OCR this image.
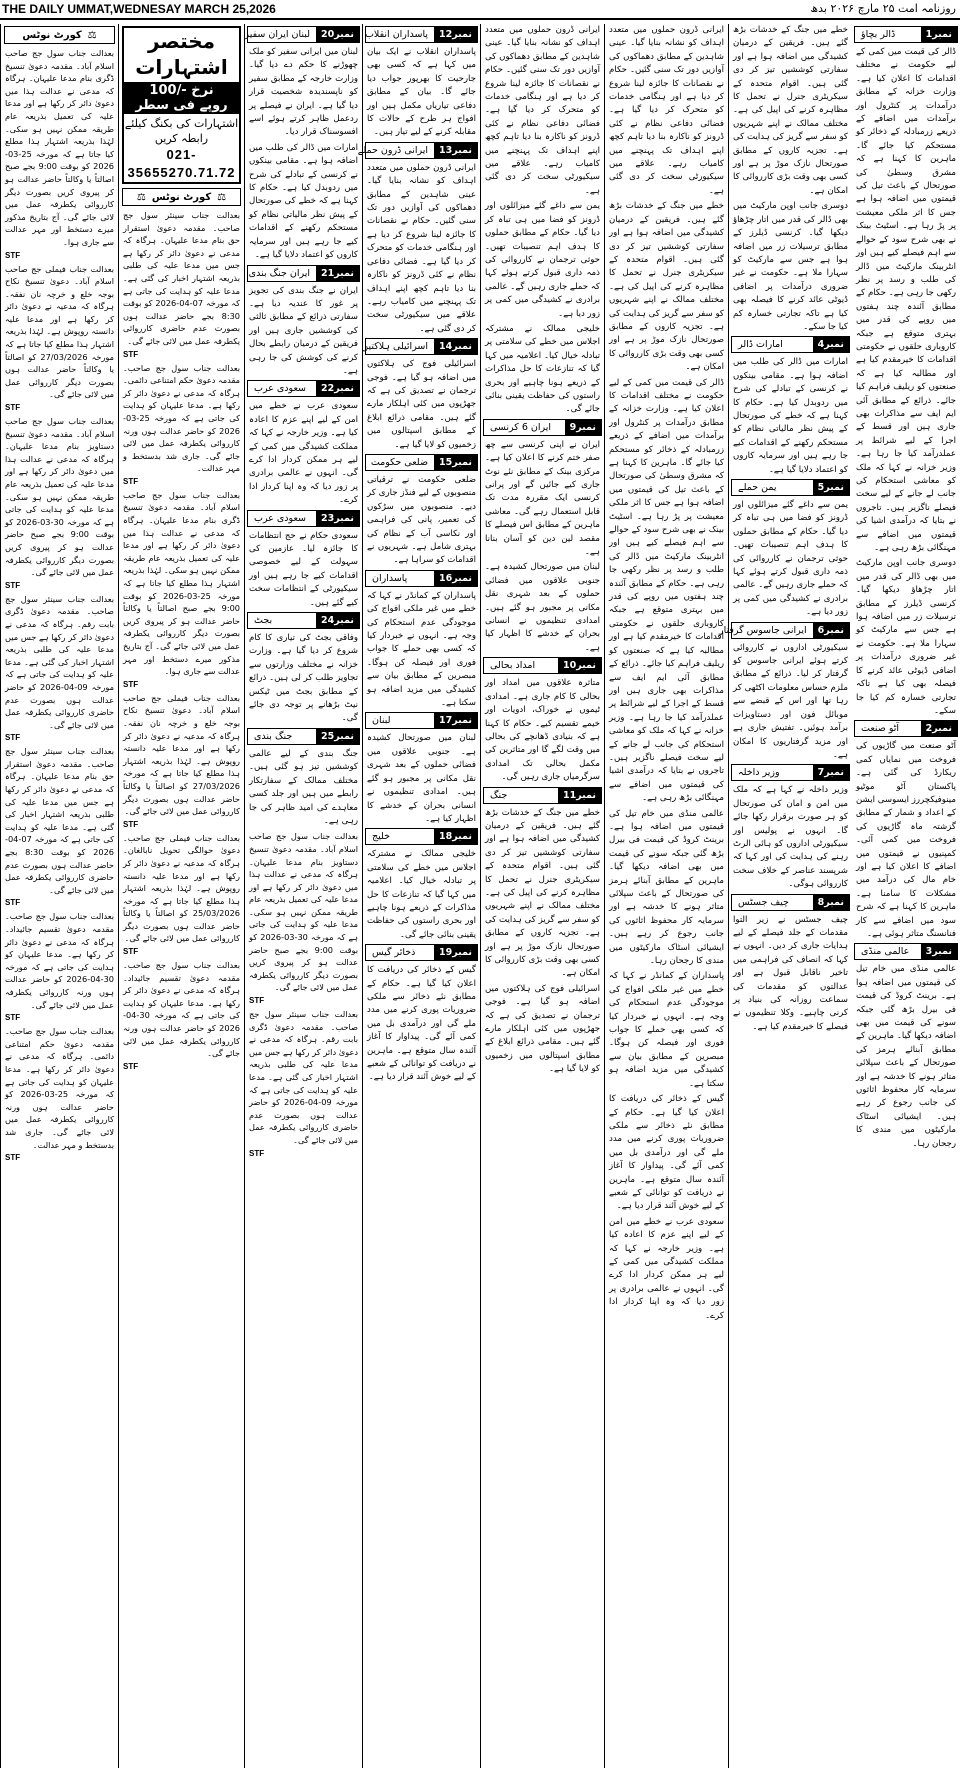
THE DAILY UMMAT,WEDNESAY MARCH 25,2026	روزنامہ امت ۲۵ مارچ ۲۰۲۶ بدھ
نمبر1
ڈالر بچاؤ

ڈالر کی قیمت میں کمی کے لیے حکومت نے مختلف اقدامات کا اعلان کیا ہے۔ وزارت خزانہ کے مطابق درآمدات پر کنٹرول اور برآمدات میں اضافے کے ذریعے زرمبادلہ کے ذخائر کو مستحکم کیا جائے گا۔ ماہرین کا کہنا ہے کہ مشرق وسطیٰ کی صورتحال کے باعث تیل کی قیمتوں میں اضافہ ہوا ہے جس کا اثر ملکی معیشت پر پڑ رہا ہے۔ اسٹیٹ بینک نے بھی شرح سود کے حوالے سے اہم فیصلے کیے ہیں اور انٹربینک مارکیٹ میں ڈالر کی طلب و رسد پر نظر رکھی جا رہی ہے۔ حکام کے مطابق آئندہ چند ہفتوں میں روپے کی قدر میں بہتری متوقع ہے جبکہ کاروباری حلقوں نے حکومتی اقدامات کا خیرمقدم کیا ہے اور مطالبہ کیا ہے کہ صنعتوں کو ریلیف فراہم کیا جائے۔ ذرائع کے مطابق آئی ایم ایف سے مذاکرات بھی جاری ہیں اور قسط کے اجرا کے لیے شرائط پر عملدرآمد کیا جا رہا ہے۔ وزیر خزانہ نے کہا کہ ملک کو معاشی استحکام کی جانب لے جانے کے لیے سخت فیصلے ناگزیر ہیں۔ تاجروں نے بتایا کہ درآمدی اشیا کی قیمتوں میں اضافے سے مہنگائی بڑھ رہی ہے۔

دوسری جانب اوپن مارکیٹ میں بھی ڈالر کی قدر میں اتار چڑھاؤ دیکھا گیا۔ کرنسی ڈیلرز کے مطابق ترسیلات زر میں اضافہ ہوا ہے جس سے مارکیٹ کو سہارا ملا ہے۔ حکومت نے غیر ضروری درآمدات پر اضافی ڈیوٹی عائد کرنے کا فیصلہ بھی کیا ہے تاکہ تجارتی خسارہ کم کیا جا سکے۔

نمبر2
آٹو صنعت

آٹو صنعت میں گاڑیوں کی فروخت میں نمایاں کمی ریکارڈ کی گئی ہے۔ پاکستان آٹو موٹیو مینوفیکچررز ایسوسی ایشن کے اعداد و شمار کے مطابق گزشتہ ماہ گاڑیوں کی فروخت میں کمی آئی۔ کمپنیوں نے قیمتوں میں اضافے کا اعلان کیا ہے اور خام مال کی درآمد میں مشکلات کا سامنا ہے۔ ماہرین کا کہنا ہے کہ شرح سود میں اضافے سے کار فنانسنگ متاثر ہوئی ہے۔

نمبر3
عالمی منڈی

عالمی منڈی میں خام تیل کی قیمتوں میں اضافہ ہوا ہے۔ برینٹ کروڈ کی قیمت فی بیرل بڑھ گئی جبکہ سونے کی قیمت میں بھی اضافہ دیکھا گیا۔ ماہرین کے مطابق آبنائے ہرمز کی صورتحال کے باعث سپلائی متاثر ہونے کا خدشہ ہے اور سرمایہ کار محفوظ اثاثوں کی جانب رجوع کر رہے ہیں۔ ایشیائی اسٹاک مارکیٹوں میں مندی کا رجحان رہا۔

خطے میں جنگ کے خدشات بڑھ گئے ہیں۔ فریقین کے درمیان کشیدگی میں اضافہ ہوا ہے اور سفارتی کوششیں تیز کر دی گئی ہیں۔ اقوام متحدہ کے سیکریٹری جنرل نے تحمل کا مظاہرہ کرنے کی اپیل کی ہے۔ مختلف ممالک نے اپنے شہریوں کو سفر سے گریز کی ہدایت کی ہے۔ تجزیہ کاروں کے مطابق صورتحال نازک موڑ پر ہے اور کسی بھی وقت بڑی کارروائی کا امکان ہے۔

دوسری جانب اوپن مارکیٹ میں بھی ڈالر کی قدر میں اتار چڑھاؤ دیکھا گیا۔ کرنسی ڈیلرز کے مطابق ترسیلات زر میں اضافہ ہوا ہے جس سے مارکیٹ کو سہارا ملا ہے۔ حکومت نے غیر ضروری درآمدات پر اضافی ڈیوٹی عائد کرنے کا فیصلہ بھی کیا ہے تاکہ تجارتی خسارہ کم کیا جا سکے۔

نمبر4
امارات ڈالر

امارات میں ڈالر کی طلب میں اضافہ ہوا ہے۔ مقامی بینکوں نے کرنسی کے تبادلے کی شرح میں ردوبدل کیا ہے۔ حکام کا کہنا ہے کہ خطے کی صورتحال کے پیش نظر مالیاتی نظام کو مستحکم رکھنے کے اقدامات کیے جا رہے ہیں اور سرمایہ کاروں کو اعتماد دلایا گیا ہے۔

نمبر5
یمن حملے

یمن سے داغے گئے میزائلوں اور ڈرونز کو فضا میں ہی تباہ کر دیا گیا۔ حکام کے مطابق حملوں کا ہدف اہم تنصیبات تھیں۔ حوثی ترجمان نے کارروائی کی ذمہ داری قبول کرتے ہوئے کہا کہ حملے جاری رہیں گے۔ عالمی برادری نے کشیدگی میں کمی پر زور دیا ہے۔

نمبر6
ایرانی جاسوس گرفتار

سیکیورٹی اداروں نے کارروائی کرتے ہوئے ایرانی جاسوس کو گرفتار کر لیا۔ ذرائع کے مطابق ملزم حساس معلومات اکٹھی کر رہا تھا اور اس کے قبضے سے موبائل فون اور دستاویزات برآمد ہوئیں۔ تفتیش جاری ہے اور مزید گرفتاریوں کا امکان ہے۔

نمبر7
وزیر داخلہ

وزیر داخلہ نے کہا ہے کہ ملک میں امن و امان کی صورتحال کو ہر صورت برقرار رکھا جائے گا۔ انہوں نے پولیس اور سیکیورٹی اداروں کو ہائی الرٹ رہنے کی ہدایت کی اور کہا کہ شرپسند عناصر کے خلاف سخت کارروائی ہوگی۔

نمبر8
چیف جسٹس

چیف جسٹس نے زیر التوا مقدمات کے جلد فیصلے کے لیے ہدایات جاری کر دیں۔ انہوں نے کہا کہ انصاف کی فراہمی میں تاخیر ناقابل قبول ہے اور عدالتوں کو مقدمات کی سماعت روزانہ کی بنیاد پر کرنی چاہیے۔ وکلا تنظیموں نے فیصلے کا خیرمقدم کیا ہے۔

ایرانی ڈرون حملوں میں متعدد اہداف کو نشانہ بنایا گیا۔ عینی شاہدین کے مطابق دھماکوں کی آوازیں دور تک سنی گئیں۔ حکام نے نقصانات کا جائزہ لینا شروع کر دیا ہے اور ہنگامی خدمات کو متحرک کر دیا گیا ہے۔ فضائی دفاعی نظام نے کئی ڈرونز کو ناکارہ بنا دیا تاہم کچھ اپنے اہداف تک پہنچنے میں کامیاب رہے۔ علاقے میں سیکیورٹی سخت کر دی گئی ہے۔

خطے میں جنگ کے خدشات بڑھ گئے ہیں۔ فریقین کے درمیان کشیدگی میں اضافہ ہوا ہے اور سفارتی کوششیں تیز کر دی گئی ہیں۔ اقوام متحدہ کے سیکریٹری جنرل نے تحمل کا مظاہرہ کرنے کی اپیل کی ہے۔ مختلف ممالک نے اپنے شہریوں کو سفر سے گریز کی ہدایت کی ہے۔ تجزیہ کاروں کے مطابق صورتحال نازک موڑ پر ہے اور کسی بھی وقت بڑی کارروائی کا امکان ہے۔

ڈالر کی قیمت میں کمی کے لیے حکومت نے مختلف اقدامات کا اعلان کیا ہے۔ وزارت خزانہ کے مطابق درآمدات پر کنٹرول اور برآمدات میں اضافے کے ذریعے زرمبادلہ کے ذخائر کو مستحکم کیا جائے گا۔ ماہرین کا کہنا ہے کہ مشرق وسطیٰ کی صورتحال کے باعث تیل کی قیمتوں میں اضافہ ہوا ہے جس کا اثر ملکی معیشت پر پڑ رہا ہے۔ اسٹیٹ بینک نے بھی شرح سود کے حوالے سے اہم فیصلے کیے ہیں اور انٹربینک مارکیٹ میں ڈالر کی طلب و رسد پر نظر رکھی جا رہی ہے۔ حکام کے مطابق آئندہ چند ہفتوں میں روپے کی قدر میں بہتری متوقع ہے جبکہ کاروباری حلقوں نے حکومتی اقدامات کا خیرمقدم کیا ہے اور مطالبہ کیا ہے کہ صنعتوں کو ریلیف فراہم کیا جائے۔ ذرائع کے مطابق آئی ایم ایف سے مذاکرات بھی جاری ہیں اور قسط کے اجرا کے لیے شرائط پر عملدرآمد کیا جا رہا ہے۔ وزیر خزانہ نے کہا کہ ملک کو معاشی استحکام کی جانب لے جانے کے لیے سخت فیصلے ناگزیر ہیں۔ تاجروں نے بتایا کہ درآمدی اشیا کی قیمتوں میں اضافے سے مہنگائی بڑھ رہی ہے۔

عالمی منڈی میں خام تیل کی قیمتوں میں اضافہ ہوا ہے۔ برینٹ کروڈ کی قیمت فی بیرل بڑھ گئی جبکہ سونے کی قیمت میں بھی اضافہ دیکھا گیا۔ ماہرین کے مطابق آبنائے ہرمز کی صورتحال کے باعث سپلائی متاثر ہونے کا خدشہ ہے اور سرمایہ کار محفوظ اثاثوں کی جانب رجوع کر رہے ہیں۔ ایشیائی اسٹاک مارکیٹوں میں مندی کا رجحان رہا۔

پاسداران کے کمانڈر نے کہا کہ خطے میں غیر ملکی افواج کی موجودگی عدم استحکام کی وجہ ہے۔ انہوں نے خبردار کیا کہ کسی بھی حملے کا جواب فوری اور فیصلہ کن ہوگا۔ مبصرین کے مطابق بیان سے کشیدگی میں مزید اضافہ ہو سکتا ہے۔

گیس کے ذخائر کی دریافت کا اعلان کیا گیا ہے۔ حکام کے مطابق نئے ذخائر سے ملکی ضروریات پوری کرنے میں مدد ملے گی اور درآمدی بل میں کمی آئے گی۔ پیداوار کا آغاز آئندہ سال متوقع ہے۔ ماہرین نے دریافت کو توانائی کے شعبے کے لیے خوش آئند قرار دیا ہے۔

سعودی عرب نے خطے میں امن کے لیے اپنے عزم کا اعادہ کیا ہے۔ وزیر خارجہ نے کہا کہ مملکت کشیدگی میں کمی کے لیے ہر ممکن کردار ادا کرے گی۔ انہوں نے عالمی برادری پر زور دیا کہ وہ اپنا کردار ادا کرے۔

ایرانی ڈرون حملوں میں متعدد اہداف کو نشانہ بنایا گیا۔ عینی شاہدین کے مطابق دھماکوں کی آوازیں دور تک سنی گئیں۔ حکام نے نقصانات کا جائزہ لینا شروع کر دیا ہے اور ہنگامی خدمات کو متحرک کر دیا گیا ہے۔ فضائی دفاعی نظام نے کئی ڈرونز کو ناکارہ بنا دیا تاہم کچھ اپنے اہداف تک پہنچنے میں کامیاب رہے۔ علاقے میں سیکیورٹی سخت کر دی گئی ہے۔

یمن سے داغے گئے میزائلوں اور ڈرونز کو فضا میں ہی تباہ کر دیا گیا۔ حکام کے مطابق حملوں کا ہدف اہم تنصیبات تھیں۔ حوثی ترجمان نے کارروائی کی ذمہ داری قبول کرتے ہوئے کہا کہ حملے جاری رہیں گے۔ عالمی برادری نے کشیدگی میں کمی پر زور دیا ہے۔

خلیجی ممالک نے مشترکہ اجلاس میں خطے کی سلامتی پر تبادلہ خیال کیا۔ اعلامیہ میں کہا گیا کہ تنازعات کا حل مذاکرات کے ذریعے ہونا چاہیے اور بحری راستوں کی حفاظت یقینی بنائی جائے گی۔

نمبر9
ایران 6 کرنسی

ایران نے اپنی کرنسی سے چھ صفر ختم کرنے کا اعلان کیا ہے۔ مرکزی بینک کے مطابق نئے نوٹ جاری کیے جائیں گے اور پرانی کرنسی ایک مقررہ مدت تک قابل استعمال رہے گی۔ معاشی ماہرین کے مطابق اس فیصلے کا مقصد لین دین کو آسان بنانا ہے۔

لبنان میں صورتحال کشیدہ ہے۔ جنوبی علاقوں میں فضائی حملوں کے بعد شہری نقل مکانی پر مجبور ہو گئے ہیں۔ امدادی تنظیموں نے انسانی بحران کے خدشے کا اظہار کیا ہے۔

نمبر10
امداد بحالی

متاثرہ علاقوں میں امداد اور بحالی کا کام جاری ہے۔ امدادی ٹیموں نے خوراک، ادویات اور خیمے تقسیم کیے۔ حکام کا کہنا ہے کہ بنیادی ڈھانچے کی بحالی میں وقت لگے گا اور متاثرین کی مکمل بحالی تک امدادی سرگرمیاں جاری رہیں گی۔

نمبر11
جنگ

خطے میں جنگ کے خدشات بڑھ گئے ہیں۔ فریقین کے درمیان کشیدگی میں اضافہ ہوا ہے اور سفارتی کوششیں تیز کر دی گئی ہیں۔ اقوام متحدہ کے سیکریٹری جنرل نے تحمل کا مظاہرہ کرنے کی اپیل کی ہے۔ مختلف ممالک نے اپنے شہریوں کو سفر سے گریز کی ہدایت کی ہے۔ تجزیہ کاروں کے مطابق صورتحال نازک موڑ پر ہے اور کسی بھی وقت بڑی کارروائی کا امکان ہے۔

اسرائیلی فوج کی ہلاکتوں میں اضافہ ہو گیا ہے۔ فوجی ترجمان نے تصدیق کی ہے کہ جھڑپوں میں کئی اہلکار مارے گئے ہیں۔ مقامی ذرائع ابلاغ کے مطابق اسپتالوں میں زخمیوں کو لایا گیا ہے۔

نمبر12
پاسداران انقلاب

پاسداران انقلاب نے ایک بیان میں کہا ہے کہ کسی بھی جارحیت کا بھرپور جواب دیا جائے گا۔ بیان کے مطابق دفاعی تیاریاں مکمل ہیں اور افواج ہر طرح کے حالات کا مقابلہ کرنے کے لیے تیار ہیں۔

نمبر13
ایرانی ڈرون حملے

ایرانی ڈرون حملوں میں متعدد اہداف کو نشانہ بنایا گیا۔ عینی شاہدین کے مطابق دھماکوں کی آوازیں دور تک سنی گئیں۔ حکام نے نقصانات کا جائزہ لینا شروع کر دیا ہے اور ہنگامی خدمات کو متحرک کر دیا گیا ہے۔ فضائی دفاعی نظام نے کئی ڈرونز کو ناکارہ بنا دیا تاہم کچھ اپنے اہداف تک پہنچنے میں کامیاب رہے۔ علاقے میں سیکیورٹی سخت کر دی گئی ہے۔

نمبر14
اسرائیلی ہلاکتیں

اسرائیلی فوج کی ہلاکتوں میں اضافہ ہو گیا ہے۔ فوجی ترجمان نے تصدیق کی ہے کہ جھڑپوں میں کئی اہلکار مارے گئے ہیں۔ مقامی ذرائع ابلاغ کے مطابق اسپتالوں میں زخمیوں کو لایا گیا ہے۔

نمبر15
ضلعی حکومت

ضلعی حکومت نے ترقیاتی منصوبوں کے لیے فنڈز جاری کر دیے۔ منصوبوں میں سڑکوں کی تعمیر، پانی کی فراہمی اور نکاسی آب کے نظام کی بہتری شامل ہے۔ شہریوں نے اقدامات کو سراہا ہے۔

نمبر16
پاسداران

پاسداران کے کمانڈر نے کہا کہ خطے میں غیر ملکی افواج کی موجودگی عدم استحکام کی وجہ ہے۔ انہوں نے خبردار کیا کہ کسی بھی حملے کا جواب فوری اور فیصلہ کن ہوگا۔ مبصرین کے مطابق بیان سے کشیدگی میں مزید اضافہ ہو سکتا ہے۔

نمبر17
لبنان

لبنان میں صورتحال کشیدہ ہے۔ جنوبی علاقوں میں فضائی حملوں کے بعد شہری نقل مکانی پر مجبور ہو گئے ہیں۔ امدادی تنظیموں نے انسانی بحران کے خدشے کا اظہار کیا ہے۔

نمبر18
خلیج

خلیجی ممالک نے مشترکہ اجلاس میں خطے کی سلامتی پر تبادلہ خیال کیا۔ اعلامیہ میں کہا گیا کہ تنازعات کا حل مذاکرات کے ذریعے ہونا چاہیے اور بحری راستوں کی حفاظت یقینی بنائی جائے گی۔

نمبر19
ذخائر گیس

گیس کے ذخائر کی دریافت کا اعلان کیا گیا ہے۔ حکام کے مطابق نئے ذخائر سے ملکی ضروریات پوری کرنے میں مدد ملے گی اور درآمدی بل میں کمی آئے گی۔ پیداوار کا آغاز آئندہ سال متوقع ہے۔ ماہرین نے دریافت کو توانائی کے شعبے کے لیے خوش آئند قرار دیا ہے۔

نمبر20
لبنان ایران سفیر

لبنان میں ایرانی سفیر کو ملک چھوڑنے کا حکم دے دیا گیا۔ وزارت خارجہ کے مطابق سفیر کو ناپسندیدہ شخصیت قرار دیا گیا ہے۔ ایران نے فیصلے پر ردعمل ظاہر کرتے ہوئے اسے افسوسناک قرار دیا۔

امارات میں ڈالر کی طلب میں اضافہ ہوا ہے۔ مقامی بینکوں نے کرنسی کے تبادلے کی شرح میں ردوبدل کیا ہے۔ حکام کا کہنا ہے کہ خطے کی صورتحال کے پیش نظر مالیاتی نظام کو مستحکم رکھنے کے اقدامات کیے جا رہے ہیں اور سرمایہ کاروں کو اعتماد دلایا گیا ہے۔

نمبر21
ایران جنگ بندی

ایران نے جنگ بندی کی تجویز پر غور کا عندیہ دیا ہے۔ سفارتی ذرائع کے مطابق ثالثی کی کوششیں جاری ہیں اور فریقین کے درمیان رابطے بحال کرنے کی کوشش کی جا رہی ہے۔

نمبر22
سعودی عرب

سعودی عرب نے خطے میں امن کے لیے اپنے عزم کا اعادہ کیا ہے۔ وزیر خارجہ نے کہا کہ مملکت کشیدگی میں کمی کے لیے ہر ممکن کردار ادا کرے گی۔ انہوں نے عالمی برادری پر زور دیا کہ وہ اپنا کردار ادا کرے۔

نمبر23
سعودی عرب

سعودی حکام نے حج انتظامات کا جائزہ لیا۔ عازمین کی سہولت کے لیے خصوصی اقدامات کیے جا رہے ہیں اور سیکیورٹی کے انتظامات سخت کیے گئے ہیں۔

نمبر24
بجٹ

وفاقی بجٹ کی تیاری کا کام شروع کر دیا گیا ہے۔ وزارت خزانہ نے مختلف وزارتوں سے تجاویز طلب کر لی ہیں۔ ذرائع کے مطابق بجٹ میں ٹیکس نیٹ بڑھانے پر توجہ دی جائے گی۔

نمبر25
جنگ بندی

جنگ بندی کے لیے عالمی کوششیں تیز ہو گئی ہیں۔ مختلف ممالک کے سفارتکار رابطے میں ہیں اور جلد کسی معاہدے کی امید ظاہر کی جا رہی ہے۔

بعدالت جناب سول جج صاحب اسلام آباد۔ مقدمہ دعویٰ تنسیخ دستاویز بنام مدعا علیہان۔ ہرگاہ کہ مدعی نے عدالت ہذا میں دعویٰ دائر کر رکھا ہے اور مدعا علیہ کی تعمیل بذریعہ عام طریقہ ممکن نہیں ہو سکی۔ مدعا علیہ کو ہدایت کی جاتی ہے کہ مورخہ 30-03-2026 کو بوقت 9:00 بجے صبح حاضر عدالت ہو کر پیروی کریں بصورت دیگر کارروائی یکطرفہ عمل میں لائی جائے گی۔

STF

بعدالت جناب سینئر سول جج صاحب۔ مقدمہ دعویٰ ڈگری بابت رقم۔ ہرگاہ کہ مدعی نے دعویٰ دائر کر رکھا ہے جس میں مدعا علیہ کی طلبی بذریعہ اشتہار اخبار کی گئی ہے۔ مدعا علیہ کو ہدایت کی جاتی ہے کہ مورخہ 09-04-2026 کو حاضر عدالت ہوں بصورت عدم حاضری کارروائی یکطرفہ عمل میں لائی جائے گی۔

STF

مختصر اشتہارات
نرخ -/100 روپے فی سطر
اشتہارات کی بکنگ کیلئے رابطہ کریں
021-35655270.71.72
⚖
کورٹ نوٹس
⚖

بعدالت جناب سینئر سول جج صاحب۔ مقدمہ دعویٰ استقرار حق بنام مدعا علیہان۔ ہرگاہ کہ مدعی نے دعویٰ دائر کر رکھا ہے جس میں مدعا علیہ کی طلبی بذریعہ اشتہار اخبار کی گئی ہے۔ مدعا علیہ کو ہدایت کی جاتی ہے کہ مورخہ 07-04-2026 کو بوقت 8:30 بجے حاضر عدالت ہوں بصورت عدم حاضری کارروائی یکطرفہ عمل میں لائی جائے گی۔

STF

بعدالت جناب سول جج صاحب۔ مقدمہ دعویٰ حکم امتناعی دائمی۔ ہرگاہ کہ مدعی نے دعویٰ دائر کر رکھا ہے۔ مدعا علیہان کو ہدایت کی جاتی ہے کہ مورخہ 25-03-2026 کو حاضر عدالت ہوں ورنہ کارروائی یکطرفہ عمل میں لائی جائے گی۔ جاری شد بدستخط و مہر عدالت۔

STF

بعدالت جناب سول جج صاحب اسلام آباد۔ مقدمہ دعویٰ تنسیخ ڈگری بنام مدعا علیہان۔ ہرگاہ کہ مدعی نے عدالت ہذا میں دعویٰ دائر کر رکھا ہے اور مدعا علیہ کی تعمیل بذریعہ عام طریقہ ممکن نہیں ہو سکی۔ لہٰذا بذریعہ اشتہار ہذا مطلع کیا جاتا ہے کہ مورخہ 25-03-2026 کو بوقت 9:00 بجے صبح اصالتاً یا وکالتاً حاضر عدالت ہو کر پیروی کریں بصورت دیگر کارروائی یکطرفہ عمل میں لائی جائے گی۔ آج بتاریخ مذکور میرے دستخط اور مہر عدالت سے جاری ہوا۔

STF

بعدالت جناب فیملی جج صاحب اسلام آباد۔ دعویٰ تنسیخ نکاح بوجہ خلع و خرچہ نان نفقہ۔ ہرگاہ کہ مدعیہ نے دعویٰ دائر کر رکھا ہے اور مدعا علیہ دانستہ روپوش ہے۔ لہٰذا بذریعہ اشتہار ہذا مطلع کیا جاتا ہے کہ مورخہ 27/03/2026 کو اصالتاً یا وکالتاً حاضر عدالت ہوں بصورت دیگر کارروائی عمل میں لائی جائے گی۔

STF

بعدالت جناب فیملی جج صاحب۔ دعویٰ حوالگی تحویل نابالغان۔ ہرگاہ کہ مدعیہ نے دعویٰ دائر کر رکھا ہے اور مدعا علیہ دانستہ روپوش ہے۔ لہٰذا بذریعہ اشتہار ہذا مطلع کیا جاتا ہے کہ مورخہ 25/03/2026 کو اصالتاً یا وکالتاً حاضر عدالت ہوں بصورت دیگر کارروائی عمل میں لائی جائے گی۔

STF

بعدالت جناب سول جج صاحب۔ مقدمہ دعویٰ تقسیم جائیداد۔ ہرگاہ کہ مدعی نے دعویٰ دائر کر رکھا ہے۔ مدعا علیہان کو ہدایت کی جاتی ہے کہ مورخہ 30-04-2026 کو حاضر عدالت ہوں ورنہ کارروائی یکطرفہ عمل میں لائی جائے گی۔

STF

⚖
کورٹ نوٹس

بعدالت جناب سول جج صاحب اسلام آباد۔ مقدمہ دعویٰ تنسیخ ڈگری بنام مدعا علیہان۔ ہرگاہ کہ مدعی نے عدالت ہذا میں دعویٰ دائر کر رکھا ہے اور مدعا علیہ کی تعمیل بذریعہ عام طریقہ ممکن نہیں ہو سکی۔ لہٰذا بذریعہ اشتہار ہذا مطلع کیا جاتا ہے کہ مورخہ 25-03-2026 کو بوقت 9:00 بجے صبح اصالتاً یا وکالتاً حاضر عدالت ہو کر پیروی کریں بصورت دیگر کارروائی یکطرفہ عمل میں لائی جائے گی۔ آج بتاریخ مذکور میرے دستخط اور مہر عدالت سے جاری ہوا۔

STF

بعدالت جناب فیملی جج صاحب اسلام آباد۔ دعویٰ تنسیخ نکاح بوجہ خلع و خرچہ نان نفقہ۔ ہرگاہ کہ مدعیہ نے دعویٰ دائر کر رکھا ہے اور مدعا علیہ دانستہ روپوش ہے۔ لہٰذا بذریعہ اشتہار ہذا مطلع کیا جاتا ہے کہ مورخہ 27/03/2026 کو اصالتاً یا وکالتاً حاضر عدالت ہوں بصورت دیگر کارروائی عمل میں لائی جائے گی۔

STF

بعدالت جناب سول جج صاحب اسلام آباد۔ مقدمہ دعویٰ تنسیخ دستاویز بنام مدعا علیہان۔ ہرگاہ کہ مدعی نے عدالت ہذا میں دعویٰ دائر کر رکھا ہے اور مدعا علیہ کی تعمیل بذریعہ عام طریقہ ممکن نہیں ہو سکی۔ مدعا علیہ کو ہدایت کی جاتی ہے کہ مورخہ 30-03-2026 کو بوقت 9:00 بجے صبح حاضر عدالت ہو کر پیروی کریں بصورت دیگر کارروائی یکطرفہ عمل میں لائی جائے گی۔

STF

بعدالت جناب سینئر سول جج صاحب۔ مقدمہ دعویٰ ڈگری بابت رقم۔ ہرگاہ کہ مدعی نے دعویٰ دائر کر رکھا ہے جس میں مدعا علیہ کی طلبی بذریعہ اشتہار اخبار کی گئی ہے۔ مدعا علیہ کو ہدایت کی جاتی ہے کہ مورخہ 09-04-2026 کو حاضر عدالت ہوں بصورت عدم حاضری کارروائی یکطرفہ عمل میں لائی جائے گی۔

STF

بعدالت جناب سینئر سول جج صاحب۔ مقدمہ دعویٰ استقرار حق بنام مدعا علیہان۔ ہرگاہ کہ مدعی نے دعویٰ دائر کر رکھا ہے جس میں مدعا علیہ کی طلبی بذریعہ اشتہار اخبار کی گئی ہے۔ مدعا علیہ کو ہدایت کی جاتی ہے کہ مورخہ 07-04-2026 کو بوقت 8:30 بجے حاضر عدالت ہوں بصورت عدم حاضری کارروائی یکطرفہ عمل میں لائی جائے گی۔

STF

بعدالت جناب سول جج صاحب۔ مقدمہ دعویٰ تقسیم جائیداد۔ ہرگاہ کہ مدعی نے دعویٰ دائر کر رکھا ہے۔ مدعا علیہان کو ہدایت کی جاتی ہے کہ مورخہ 30-04-2026 کو حاضر عدالت ہوں ورنہ کارروائی یکطرفہ عمل میں لائی جائے گی۔

STF

بعدالت جناب سول جج صاحب۔ مقدمہ دعویٰ حکم امتناعی دائمی۔ ہرگاہ کہ مدعی نے دعویٰ دائر کر رکھا ہے۔ مدعا علیہان کو ہدایت کی جاتی ہے کہ مورخہ 25-03-2026 کو حاضر عدالت ہوں ورنہ کارروائی یکطرفہ عمل میں لائی جائے گی۔ جاری شد بدستخط و مہر عدالت۔

STF
